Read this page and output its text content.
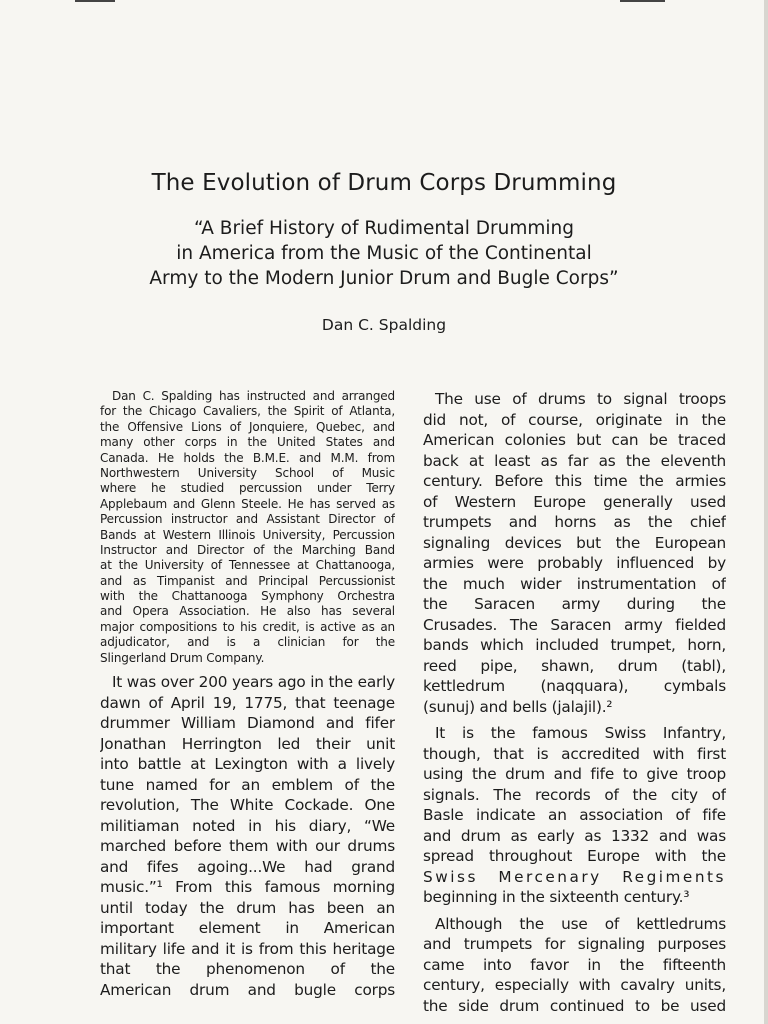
The Evolution of Drum Corps Drumming
“A Brief History of Rudimental Drumming
in America from the Music of the Continental
Army to the Modern Junior Drum and Bugle Corps”
Dan C. Spalding
Dan C. Spalding has instructed and arranged
for the Chicago Cavaliers, the Spirit of Atlanta,
the Offensive Lions of Jonquiere, Quebec, and
many other corps in the United States and
Canada. He holds the B.M.E. and M.M. from
Northwestern University School of Music
where he studied percussion under Terry
Applebaum and Glenn Steele. He has served as
Percussion instructor and Assistant Director of
Bands at Western Illinois University, Percussion
Instructor and Director of the Marching Band
at the University of Tennessee at Chattanooga,
and as Timpanist and Principal Percussionist
with the Chattanooga Symphony Orchestra
and Opera Association. He also has several
major compositions to his credit, is active as an
adjudicator, and is a clinician for the
Slingerland Drum Company.
It was over 200 years ago in the early
dawn of April 19, 1775, that teenage
drummer William Diamond and fifer
Jonathan Herrington led their unit
into battle at Lexington with a lively
tune named for an emblem of the
revolution, The White Cockade. One
militiaman noted in his diary, “We
marched before them with our drums
and fifes agoing...We had grand
music.”¹ From this famous morning
until today the drum has been an
important element in American
military life and it is from this heritage
that the phenomenon of the
American drum and bugle corps
The use of drums to signal troops
did not, of course, originate in the
American colonies but can be traced
back at least as far as the eleventh
century. Before this time the armies
of Western Europe generally used
trumpets and horns as the chief
signaling devices but the European
armies were probably influenced by
the much wider instrumentation of
the Saracen army during the
Crusades. The Saracen army fielded
bands which included trumpet, horn,
reed pipe, shawn, drum (tabl),
kettledrum (naqquara), cymbals
(sunuj) and bells (jalajil).²
It is the famous Swiss Infantry,
though, that is accredited with first
using the drum and fife to give troop
signals. The records of the city of
Basle indicate an association of fife
and drum as early as 1332 and was
spread throughout Europe with the
Swiss Mercenary Regiments
beginning in the sixteenth century.³
Although the use of kettledrums
and trumpets for signaling purposes
came into favor in the fifteenth
century, especially with cavalry units,
the side drum continued to be used
